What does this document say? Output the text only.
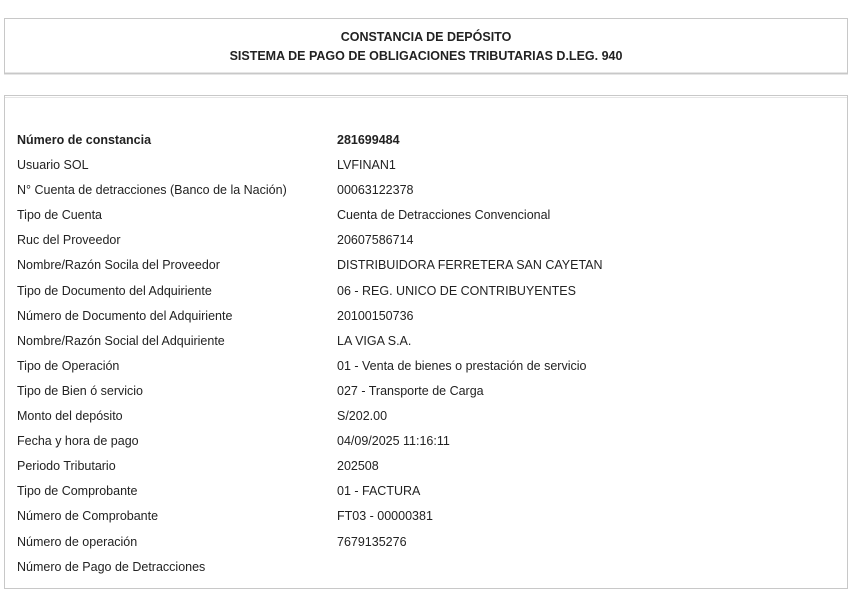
CONSTANCIA DE DEPÓSITO
SISTEMA DE PAGO DE OBLIGACIONES TRIBUTARIAS D.LEG. 940
Número de constancia	281699484
Usuario SOL	LVFINAN1
N° Cuenta de detracciones (Banco de la Nación)	00063122378
Tipo de Cuenta	Cuenta de Detracciones Convencional
Ruc del Proveedor	20607586714
Nombre/Razón Socila del Proveedor	DISTRIBUIDORA FERRETERA SAN CAYETAN
Tipo de Documento del Adquiriente	06 - REG. UNICO DE CONTRIBUYENTES
Número de Documento del Adquiriente	20100150736
Nombre/Razón Social del Adquiriente	LA VIGA S.A.
Tipo de Operación	01 - Venta de bienes o prestación de servicio
Tipo de Bien ó servicio	027 - Transporte de Carga
Monto del depósito	S/202.00
Fecha y hora de pago	04/09/2025 11:16:11
Periodo Tributario	202508
Tipo de Comprobante	01 - FACTURA
Número de Comprobante	FT03 - 00000381
Número de operación	7679135276
Número de Pago de Detracciones
